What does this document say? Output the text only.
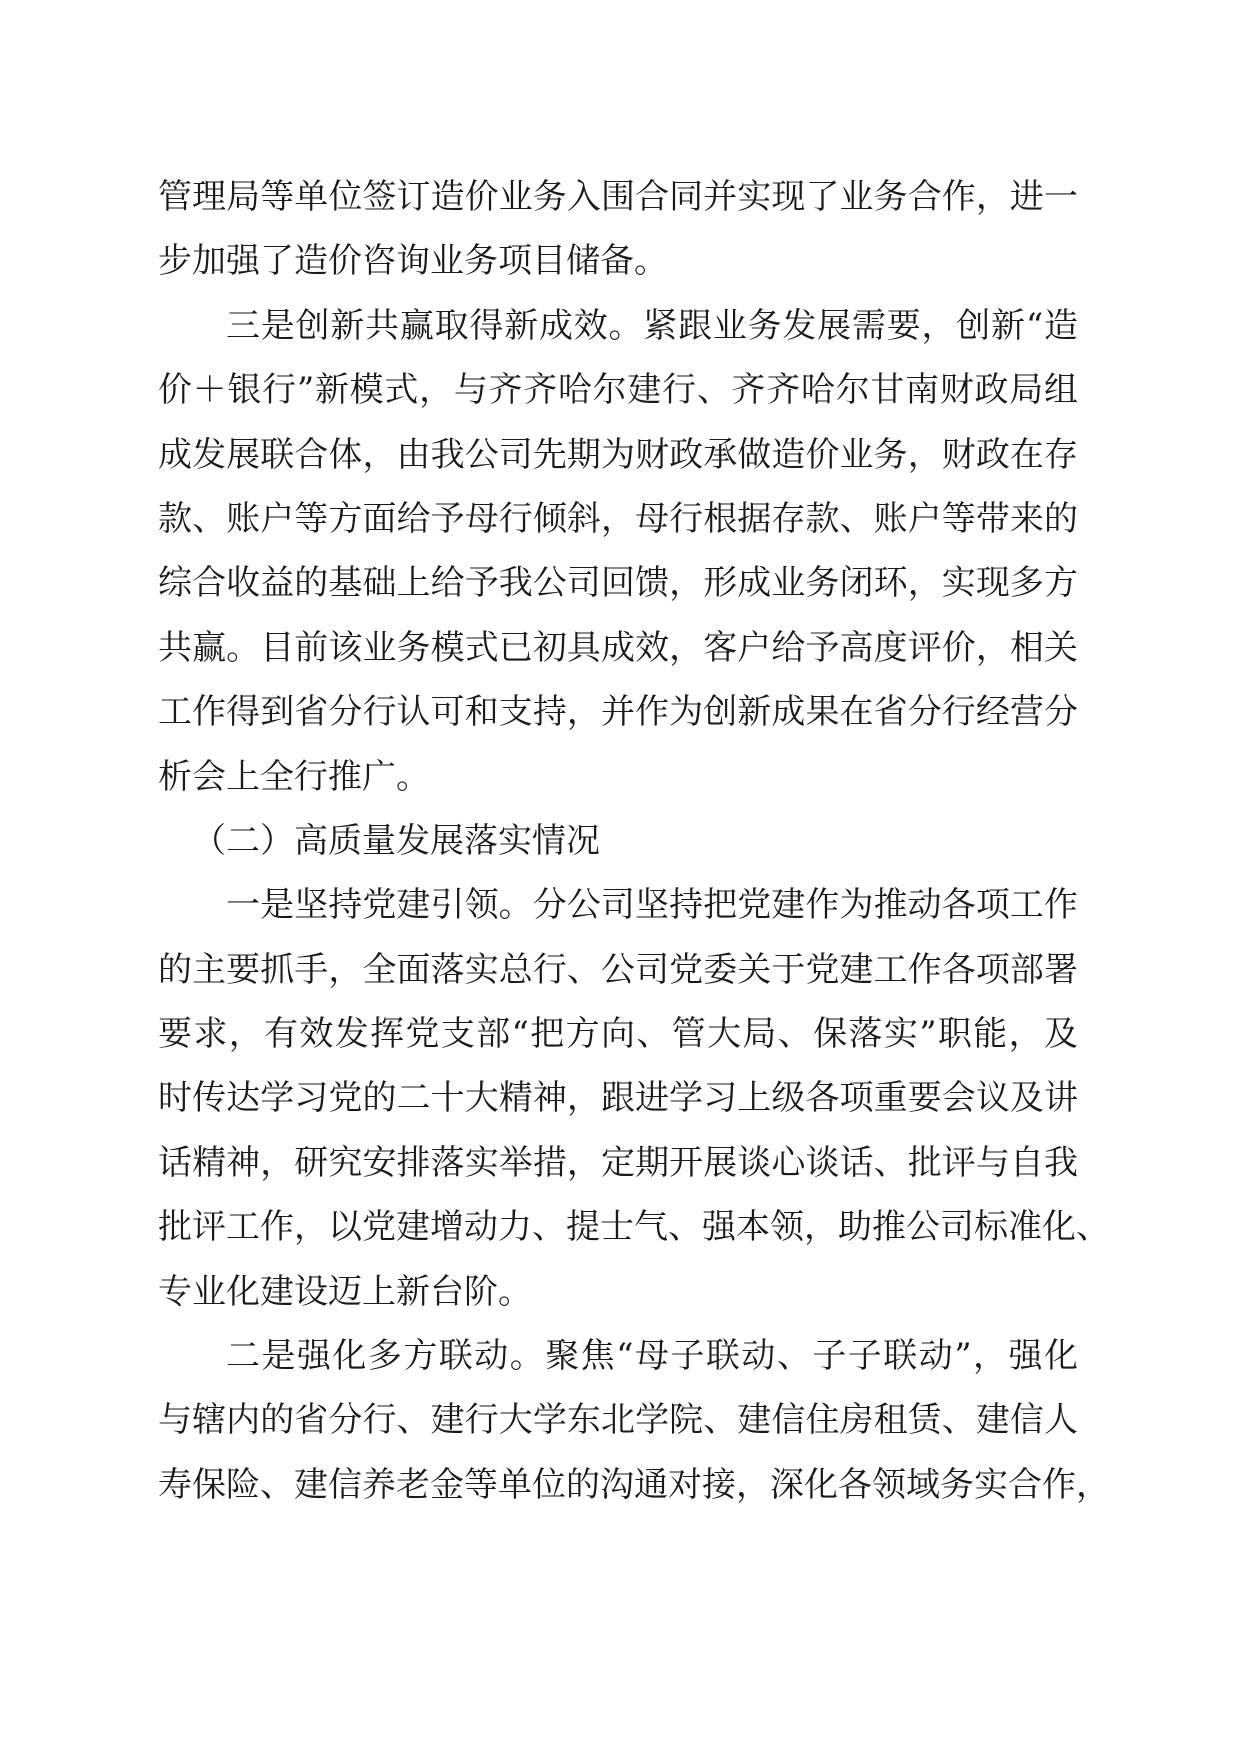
管理局等单位签订造价业务入围合同并实现了业务合作，进一
步加强了造价咨询业务项目储备。
三是创新共赢取得新成效。紧跟业务发展需要，创新“造
价＋银行”新模式，与齐齐哈尔建行、齐齐哈尔甘南财政局组
成发展联合体，由我公司先期为财政承做造价业务，财政在存
款、账户等方面给予母行倾斜，母行根据存款、账户等带来的
综合收益的基础上给予我公司回馈，形成业务闭环，实现多方
共赢。目前该业务模式已初具成效，客户给予高度评价，相关
工作得到省分行认可和支持，并作为创新成果在省分行经营分
析会上全行推广。
（二）高质量发展落实情况
一是坚持党建引领。分公司坚持把党建作为推动各项工作
的主要抓手，全面落实总行、公司党委关于党建工作各项部署
要求，有效发挥党支部“把方向、管大局、保落实”职能，及
时传达学习党的二十大精神，跟进学习上级各项重要会议及讲
话精神，研究安排落实举措，定期开展谈心谈话、批评与自我
批评工作，以党建增动力、提士气、强本领，助推公司标准化、
专业化建设迈上新台阶。
二是强化多方联动。聚焦“母子联动、子子联动”，强化
与辖内的省分行、建行大学东北学院、建信住房租赁、建信人
寿保险、建信养老金等单位的沟通对接，深化各领域务实合作，
